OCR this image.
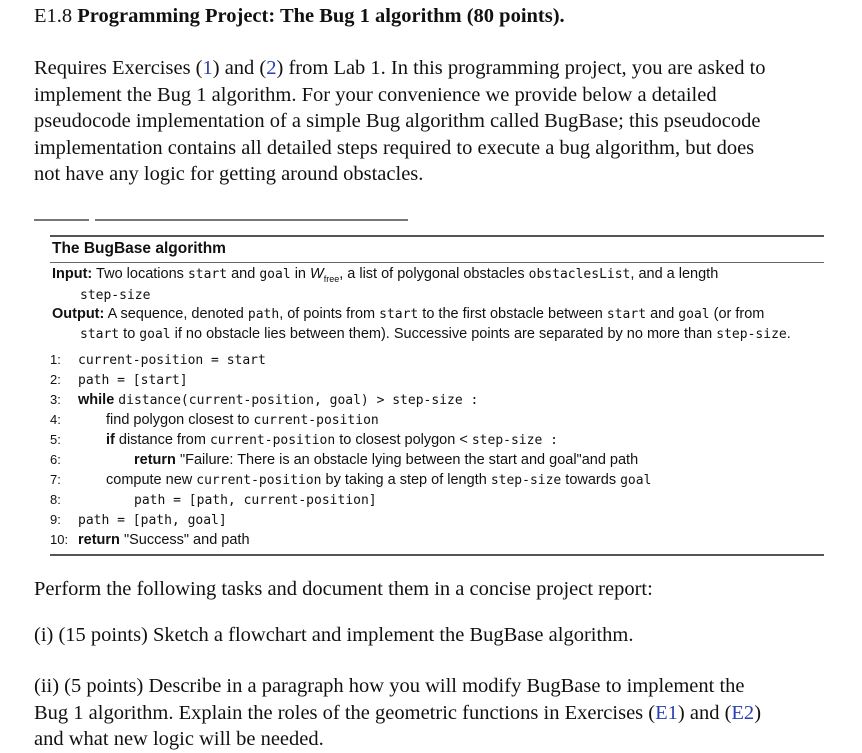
E1.8 Programming Project: The Bug 1 algorithm (80 points).

Requires Exercises (1) and (2) from Lab 1. In this programming project, you are asked to

implement the Bug 1 algorithm. For your convenience we provide below a detailed

pseudocode implementation of a simple Bug algorithm called BugBase; this pseudocode

implementation contains all detailed steps required to execute a bug algorithm, but does

not have any logic for getting around obstacles.

The BugBase algorithm
Input: Two locations start and goal in $W_{free}$, a list of polygonal obstacles obstaclesList, and a length
step-size
Output: A sequence, denoted path, of points from start to the first obstacle between start and goal (or from
start to goal if no obstacle lies between them). Successive points are separated by no more than step-size.
1: current-position = start
2: path = [start]
3: while distance(current-position, goal) > step-size :
4:	find polygon closest to current-position
5:	if distance from current-position to closest polygon < step-size :
6:	return "Failure: There is an obstacle lying between the start and goal"and path
7:	compute new current-position by taking a step of length step-size towards goal
8:	path = [path, current-position]
9: path = [path, goal]
10: return "Success" and path
Perform the following tasks and document them in a concise project report:
(i) (15 points) Sketch a flowchart and implement the BugBase algorithm.

(ii) (5 points) Describe in a paragraph how you will modify BugBase to implement the

Bug 1 algorithm. Explain the roles of the geometric functions in Exercises (E1) and (E2)

and what new logic will be needed.
